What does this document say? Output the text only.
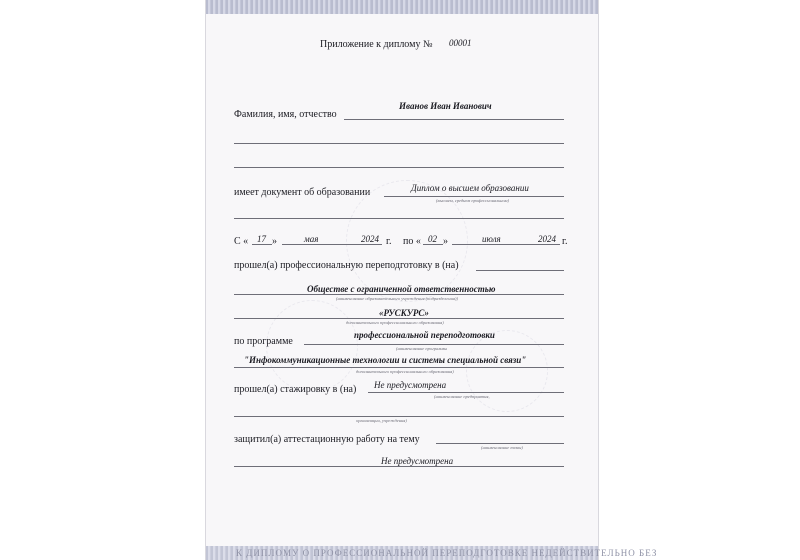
Приложение к диплому № 00001
Фамилия, имя, отчество
Иванов Иван Иванович
имеет документ об образовании	Диплом о высшем образовании
(высшем, среднем профессиональном)
С « 17 »	мая	2024 г. по « 02 »	июля	2024 г.
прошел(а) профессиональную переподготовку в (на)
Обществе с ограниченной ответственностью
(наименование образовательного учреждения (подразделения))
«РУСКУРС»
дополнительного профессионального образования)
по программе
профессиональной переподготовки
(наименование программы
"Инфокоммуникационные технологии и системы специальной связи"
дополнительного профессионального образования)
прошел(а) стажировку в (на) Не предусмотрена
(наименование предприятия,
организации, учреждения)
защитил(а) аттестационную работу на тему
(наименование темы)
Не предусмотрена
К ДИПЛОМУ О ПРОФЕССИОНАЛЬНОЙ ПЕРЕПОДГОТОВКЕ НЕДЕЙСТВИТЕЛЬНО БЕЗ
